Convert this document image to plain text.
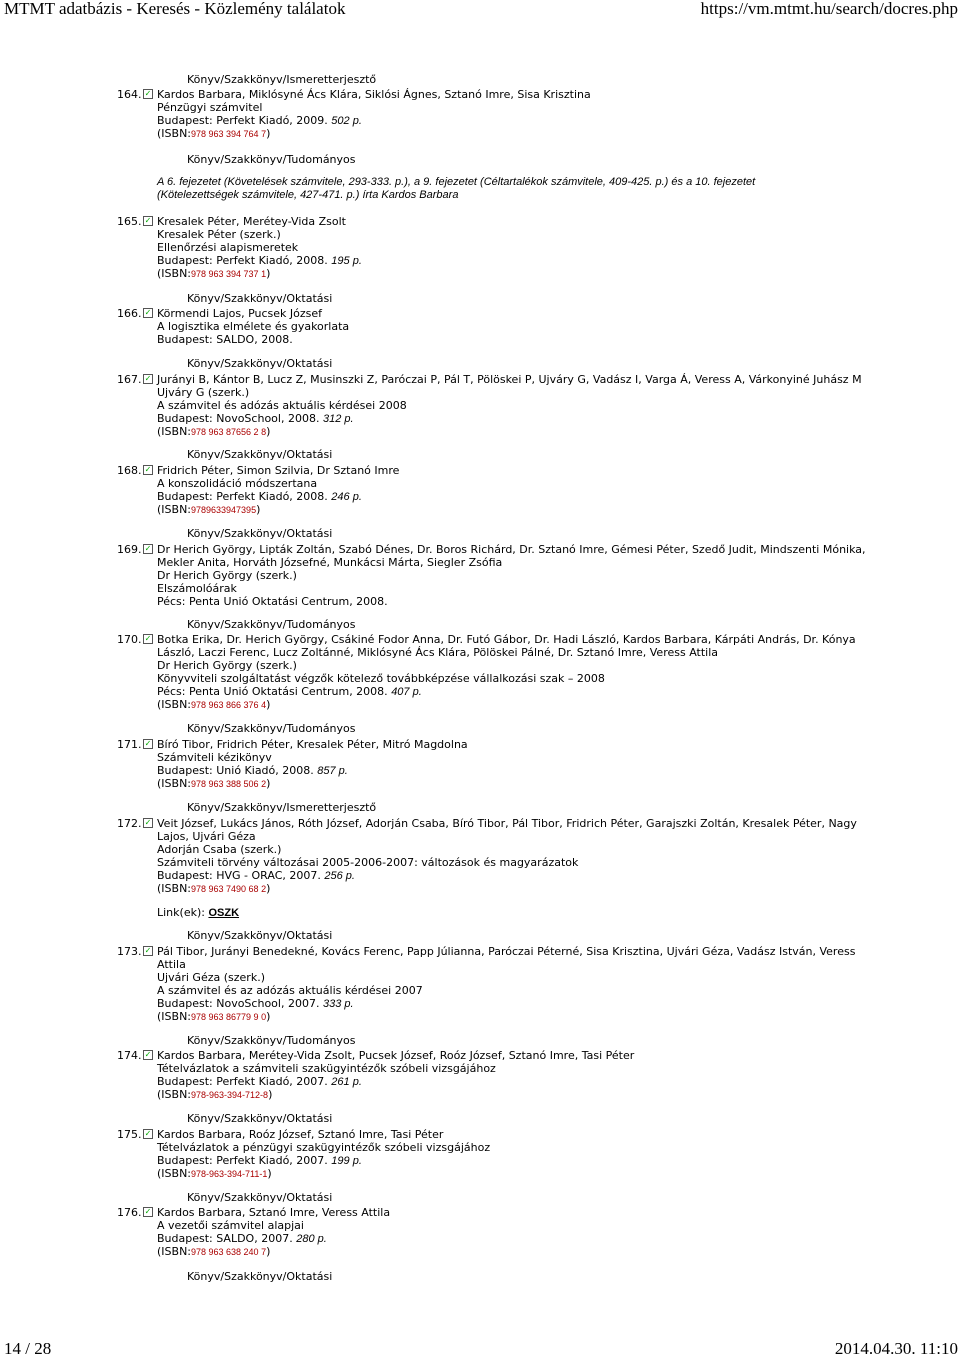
MTMT adatbázis - Keresés - Közlemény találatok	https://vm.mtmt.hu/search/docres.php
Könyv/Szakkönyv/Ismeretterjesztő
164. ✓ Kardos Barbara, Miklósyné Ács Klára, Siklósi Ágnes, Sztanó Imre, Sisa Krisztina
Pénzügyi számvitel
Budapest: Perfekt Kiadó, 2009. 502 p.
(ISBN:978 963 394 764 7)
Könyv/Szakkönyv/Tudományos
A 6. fejezetet (Követelések számvitele, 293-333. p.), a 9. fejezetet (Céltartalékok számvitele, 409-425. p.) és a 10. fejezetet
(Kötelezettségek számvitele, 427-471. p.) írta Kardos Barbara
165. ✓ Kresalek Péter, Merétey-Vida Zsolt
Kresalek Péter (szerk.)
Ellenőrzési alapismeretek
Budapest: Perfekt Kiadó, 2008. 195 p.
(ISBN:978 963 394 737 1)
Könyv/Szakkönyv/Oktatási
166. ✓ Körmendi Lajos, Pucsek József
A logisztika elmélete és gyakorlata
Budapest: SALDO, 2008.
Könyv/Szakkönyv/Oktatási
167. ✓ Jurányi B, Kántor B, Lucz Z, Musinszki Z, Paróczai P, Pál T, Pölöskei P, Ujváry G, Vadász I, Varga Á, Veress A, Várkonyiné Juhász M
Ujváry G (szerk.)
A számvitel és adózás aktuális kérdései 2008
Budapest: NovoSchool, 2008. 312 p.
(ISBN:978 963 87656 2 8)
Könyv/Szakkönyv/Oktatási
168. ✓ Fridrich Péter, Simon Szilvia, Dr Sztanó Imre
A konszolidáció módszertana
Budapest: Perfekt Kiadó, 2008. 246 p.
(ISBN:9789633947395)
Könyv/Szakkönyv/Oktatási
169. ✓ Dr Herich György, Lipták Zoltán, Szabó Dénes, Dr. Boros Richárd, Dr. Sztanó Imre, Gémesi Péter, Szedő Judit, Mindszenti Mónika,
Mekler Anita, Horváth Józsefné, Munkácsi Márta, Siegler Zsófia
Dr Herich György (szerk.)
Elszámolóárak
Pécs: Penta Unió Oktatási Centrum, 2008.
Könyv/Szakkönyv/Tudományos
170. ✓ Botka Erika, Dr. Herich György, Csákiné Fodor Anna, Dr. Futó Gábor, Dr. Hadi László, Kardos Barbara, Kárpáti András, Dr. Kónya
László, Laczi Ferenc, Lucz Zoltánné, Miklósyné Ács Klára, Pölöskei Pálné, Dr. Sztanó Imre, Veress Attila
Dr Herich György (szerk.)
Könyvviteli szolgáltatást végzők kötelező továbbképzése vállalkozási szak – 2008
Pécs: Penta Unió Oktatási Centrum, 2008. 407 p.
(ISBN:978 963 866 376 4)
Könyv/Szakkönyv/Tudományos
171. ✓ Bíró Tibor, Fridrich Péter, Kresalek Péter, Mitró Magdolna
Számviteli kézikönyv
Budapest: Unió Kiadó, 2008. 857 p.
(ISBN:978 963 388 506 2)
Könyv/Szakkönyv/Ismeretterjesztő
172. ✓ Veit József, Lukács János, Róth József, Adorján Csaba, Bíró Tibor, Pál Tibor, Fridrich Péter, Garajszki Zoltán, Kresalek Péter, Nagy
Lajos, Ujvári Géza
Adorján Csaba (szerk.)
Számviteli törvény változásai 2005-2006-2007: változások és magyarázatok
Budapest: HVG - ORAC, 2007. 256 p.
(ISBN:978 963 7490 68 2)
Link(ek): OSZK
Könyv/Szakkönyv/Oktatási
173. ✓ Pál Tibor, Jurányi Benedekné, Kovács Ferenc, Papp Júlianna, Paróczai Péterné, Sisa Krisztina, Ujvári Géza, Vadász István, Veress
Attila
Ujvári Géza (szerk.)
A számvitel és az adózás aktuális kérdései 2007
Budapest: NovoSchool, 2007. 333 p.
(ISBN:978 963 86779 9 0)
Könyv/Szakkönyv/Tudományos
174. ✓ Kardos Barbara, Merétey-Vida Zsolt, Pucsek József, Roóz József, Sztanó Imre, Tasi Péter
Tételvázlatok a számviteli szakügyintézők szóbeli vizsgájához
Budapest: Perfekt Kiadó, 2007. 261 p.
(ISBN:978-963-394-712-8)
Könyv/Szakkönyv/Oktatási
175. ✓ Kardos Barbara, Roóz József, Sztanó Imre, Tasi Péter
Tételvázlatok a pénzügyi szakügyintézők szóbeli vizsgájához
Budapest: Perfekt Kiadó, 2007. 199 p.
(ISBN:978-963-394-711-1)
Könyv/Szakkönyv/Oktatási
176. ✓ Kardos Barbara, Sztanó Imre, Veress Attila
A vezetői számvitel alapjai
Budapest: SALDO, 2007. 280 p.
(ISBN:978 963 638 240 7)
Könyv/Szakkönyv/Oktatási
14 / 28	2014.04.30. 11:10
